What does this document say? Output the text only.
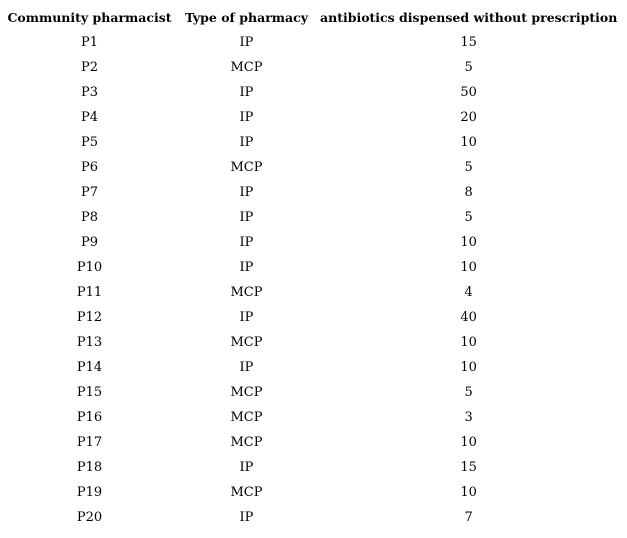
Community pharmacist	Type of pharmacy	antibiotics dispensed without prescription
P1	IP	15
P2	MCP	5
P3	IP	50
P4	IP	20
P5	IP	10
P6	MCP	5
P7	IP	8
P8	IP	5
P9	IP	10
P10	IP	10
P11	MCP	4
P12	IP	40
P13	MCP	10
P14	IP	10
P15	MCP	5
P16	MCP	3
P17	MCP	10
P18	IP	15
P19	MCP	10
P20	IP	7
